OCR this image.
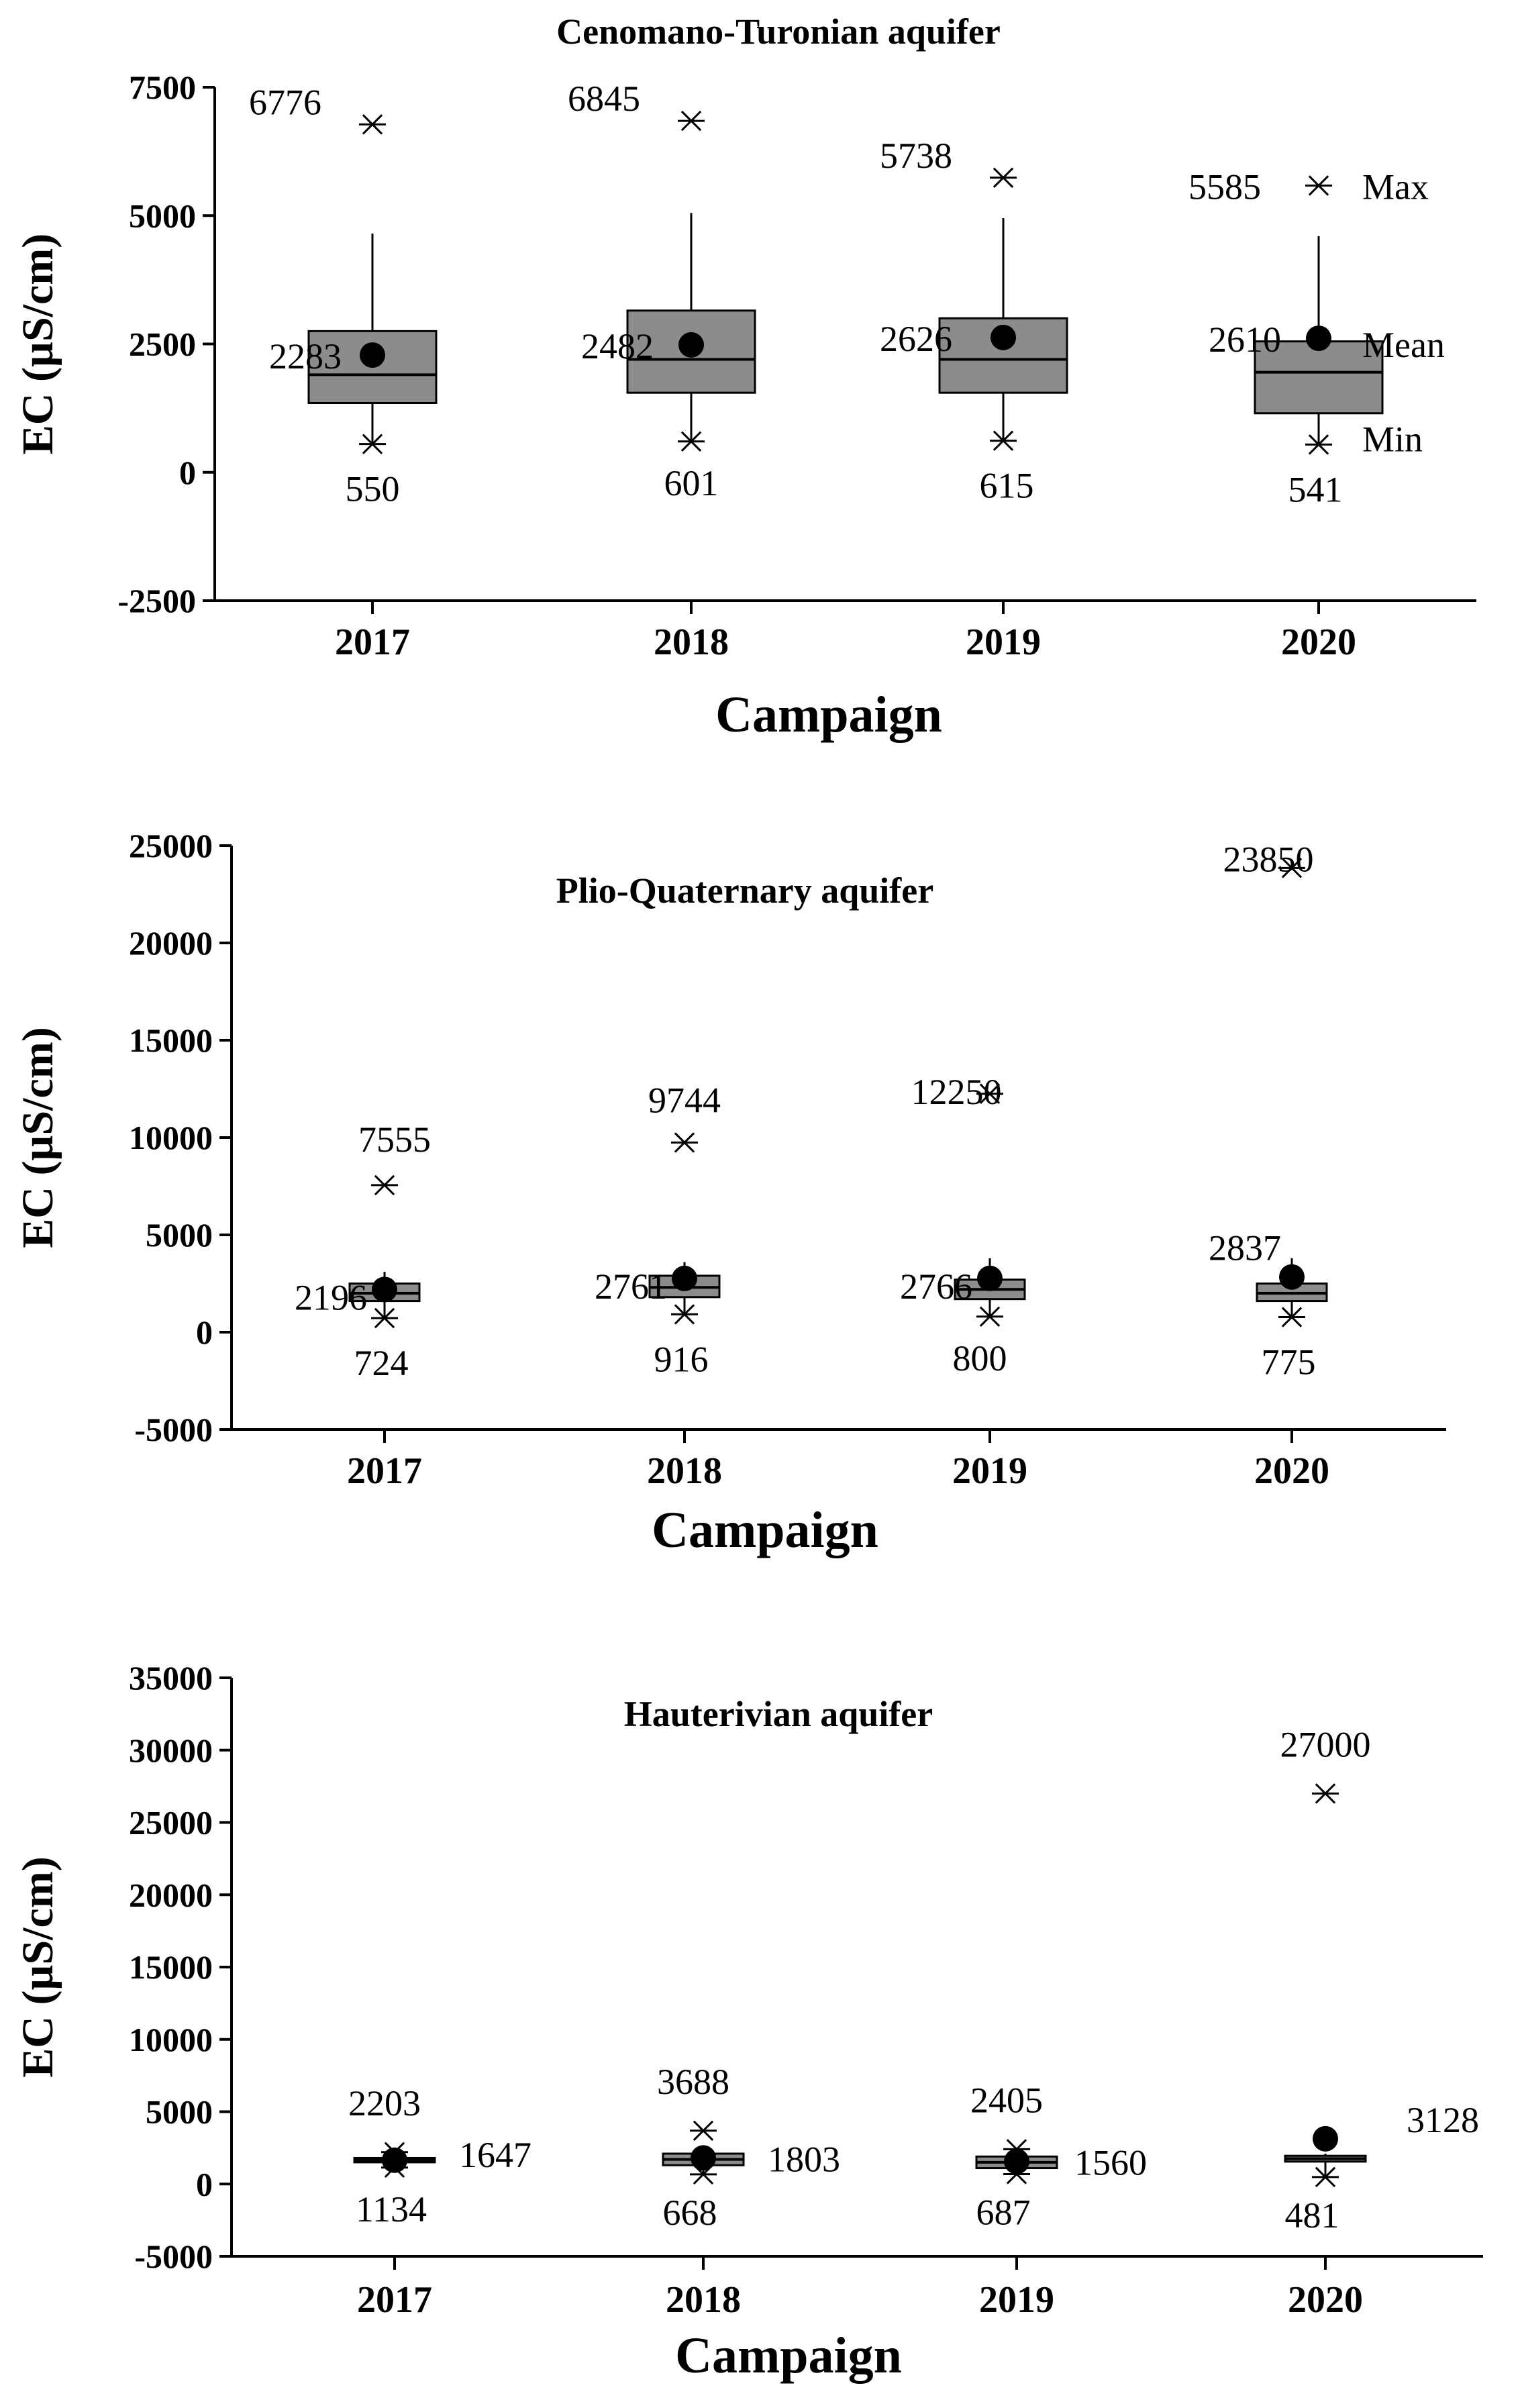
Cenomano-Turonian aquifer
7500
5000
2500
0
-2500
EC (µS/cm)
Campaign
2017
2283
6776
550
2018
2482
6845
601
2019
2626
5738
615
2020
2610
5585
541
Max
Mean
Min
Plio-Quaternary aquifer
25000
20000
15000
10000
5000
0
-5000
EC (µS/cm)
Campaign
2017
2196
7555
724
2018
2761
9744
916
2019
2766
12250
800
2020
2837
23850
775
Hauterivian aquifer
35000
30000
25000
20000
15000
10000
5000
0
-5000
EC (µS/cm)
Campaign
2017
1647
2203
1134
2018
1803
3688
668
2019
1560
2405
687
2020
3128
27000
481
